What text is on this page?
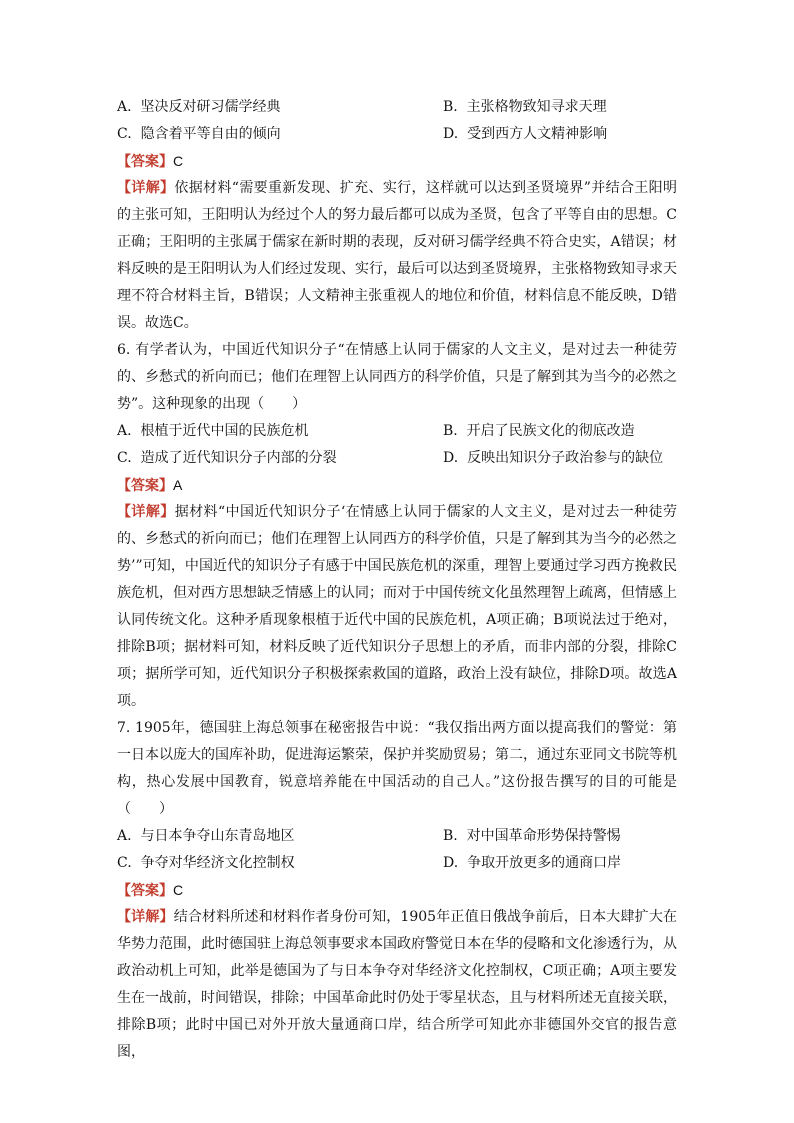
A. 坚决反对研习儒学经典	B. 主张格物致知寻求天理
C. 隐含着平等自由的倾向	D. 受到西方人文精神影响
【答案】C
【详解】依据材料“需要重新发现、扩充、实行，这样就可以达到圣贤境界”并结合王阳明的主张可知，王阳明认为经过个人的努力最后都可以成为圣贤，包含了平等自由的思想。C正确；王阳明的主张属于儒家在新时期的表现，反对研习儒学经典不符合史实，A错误；材料反映的是王阳明认为人们经过发现、实行，最后可以达到圣贤境界，主张格物致知寻求天理不符合材料主旨，B错误；人文精神主张重视人的地位和价值，材料信息不能反映，D错误。故选C。
6. 有学者认为，中国近代知识分子“在情感上认同于儒家的人文主义，是对过去一种徒劳的、乡愁式的祈向而已；他们在理智上认同西方的科学价值，只是了解到其为当今的必然之势”。这种现象的出现（　　）
A. 根植于近代中国的民族危机	B. 开启了民族文化的彻底改造
C. 造成了近代知识分子内部的分裂	D. 反映出知识分子政治参与的缺位
【答案】A
【详解】据材料“中国近代知识分子‘在情感上认同于儒家的人文主义，是对过去一种徒劳的、乡愁式的祈向而已；他们在理智上认同西方的科学价值，只是了解到其为当今的必然之势’”可知，中国近代的知识分子有感于中国民族危机的深重，理智上要通过学习西方挽救民族危机，但对西方思想缺乏情感上的认同；而对于中国传统文化虽然理智上疏离，但情感上认同传统文化。这种矛盾现象根植于近代中国的民族危机，A项正确；B项说法过于绝对，排除B项；据材料可知，材料反映了近代知识分子思想上的矛盾，而非内部的分裂，排除C项；据所学可知，近代知识分子积极探索救国的道路，政治上没有缺位，排除D项。故选A项。
7. 1905年，德国驻上海总领事在秘密报告中说：“我仅指出两方面以提高我们的警觉：第一日本以庞大的国库补助，促进海运繁荣，保护并奖励贸易；第二，通过东亚同文书院等机构，热心发展中国教育，锐意培养能在中国活动的自己人。”这份报告撰写的目的可能是（　　）
A. 与日本争夺山东青岛地区	B. 对中国革命形势保持警惕
C. 争夺对华经济文化控制权	D. 争取开放更多的通商口岸
【答案】C
【详解】结合材料所述和材料作者身份可知，1905年正值日俄战争前后，日本大肆扩大在华势力范围，此时德国驻上海总领事要求本国政府警觉日本在华的侵略和文化渗透行为，从政治动机上可知，此举是德国为了与日本争夺对华经济文化控制权，C项正确；A项主要发生在一战前，时间错误，排除；中国革命此时仍处于零星状态，且与材料所述无直接关联，排除B项；此时中国已对外开放大量通商口岸，结合所学可知此亦非德国外交官的报告意图，
